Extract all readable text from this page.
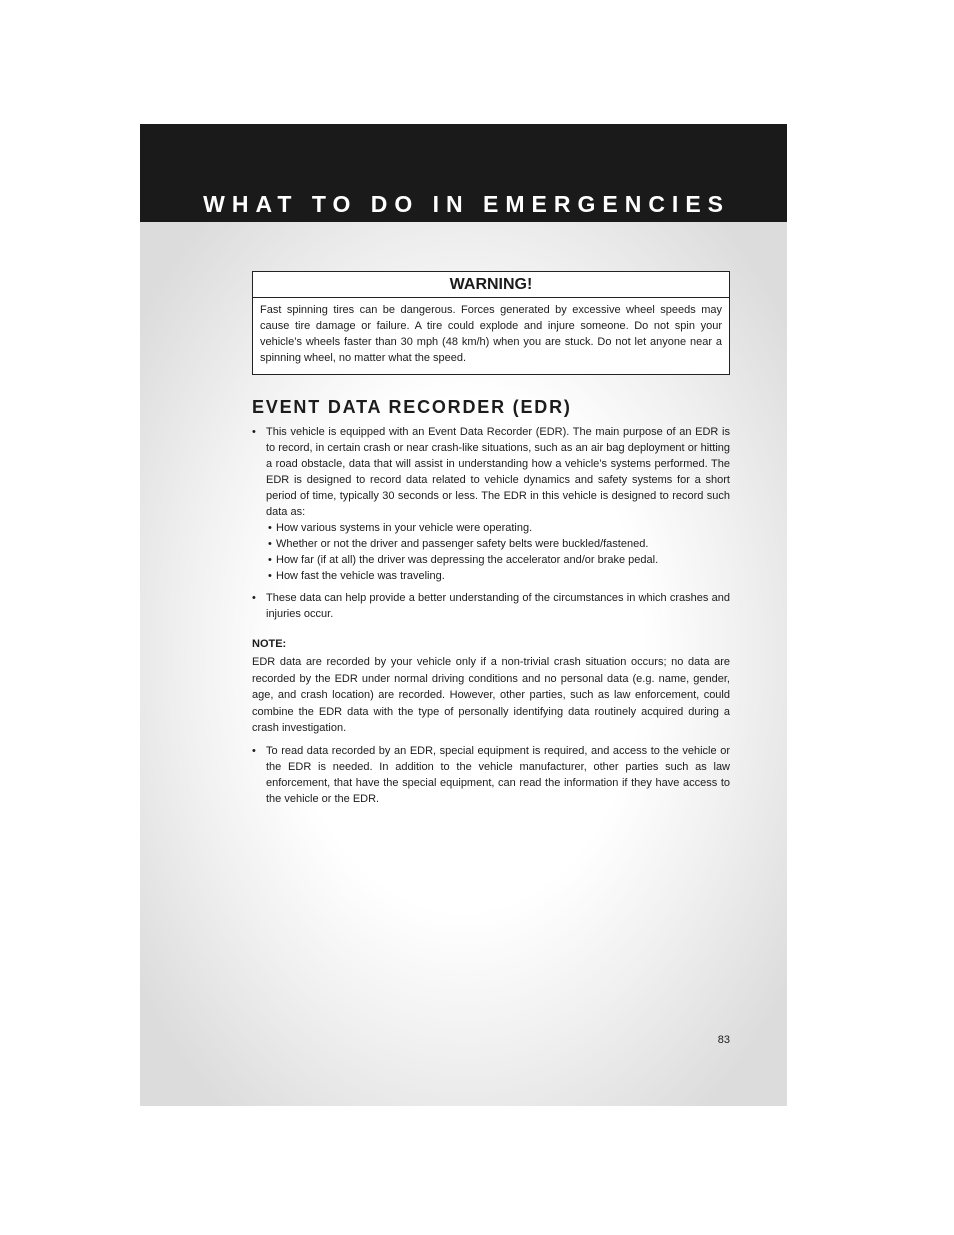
WHAT TO DO IN EMERGENCIES
WARNING!
Fast spinning tires can be dangerous. Forces generated by excessive wheel speeds may cause tire damage or failure. A tire could explode and injure someone. Do not spin your vehicle’s wheels faster than 30 mph (48 km/h) when you are stuck. Do not let anyone near a spinning wheel, no matter what the speed.
EVENT DATA RECORDER (EDR)
• This vehicle is equipped with an Event Data Recorder (EDR). The main purpose of an EDR is to record, in certain crash or near crash-like situations, such as an air bag deployment or hitting a road obstacle, data that will assist in understanding how a vehicle’s systems performed. The EDR is designed to record data related to vehicle dynamics and safety systems for a short period of time, typically 30 seconds or less. The EDR in this vehicle is designed to record such data as:
• How various systems in your vehicle were operating.
• Whether or not the driver and passenger safety belts were buckled/fastened.
• How far (if at all) the driver was depressing the accelerator and/or brake pedal.
• How fast the vehicle was traveling.
• These data can help provide a better understanding of the circumstances in which crashes and injuries occur.
NOTE:
EDR data are recorded by your vehicle only if a non-trivial crash situation occurs; no data are recorded by the EDR under normal driving conditions and no personal data (e.g. name, gender, age, and crash location) are recorded. However, other parties, such as law enforcement, could combine the EDR data with the type of personally identifying data routinely acquired during a crash investigation.
• To read data recorded by an EDR, special equipment is required, and access to the vehicle or the EDR is needed. In addition to the vehicle manufacturer, other parties such as law enforcement, that have the special equipment, can read the information if they have access to the vehicle or the EDR.
83
